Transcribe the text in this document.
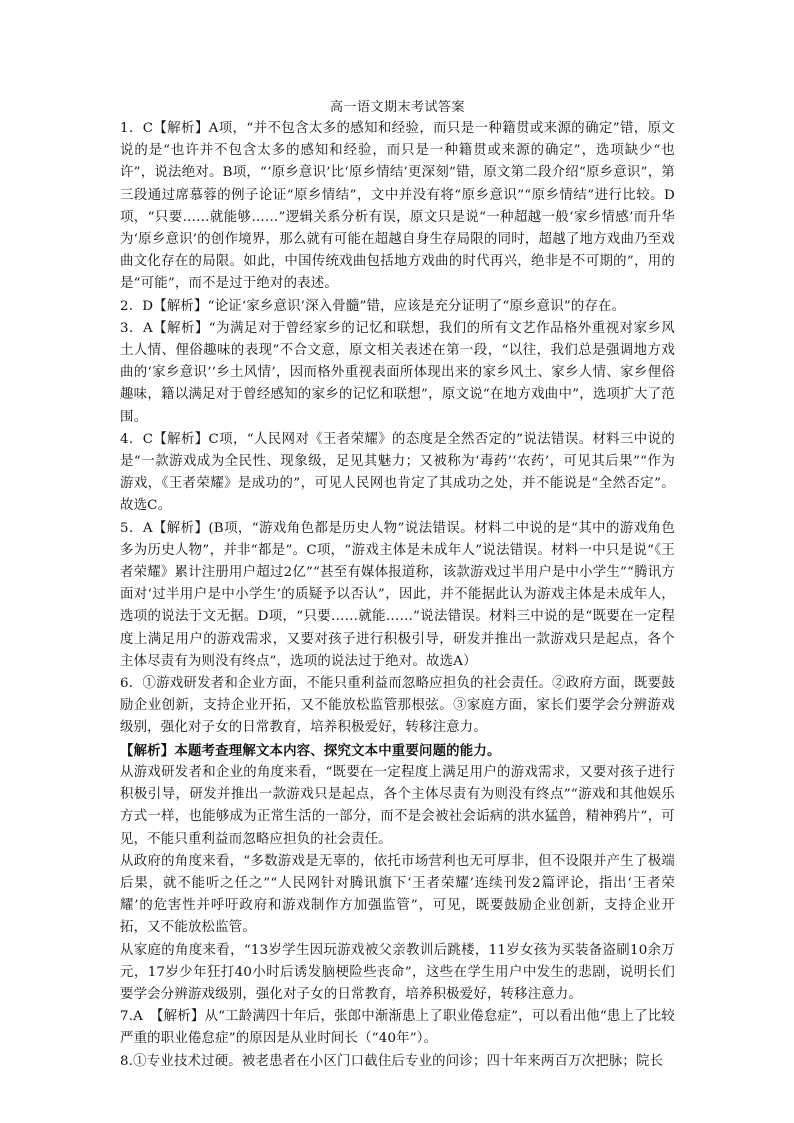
高一语文期末考试答案

1．C【解析】A项，“并不包含太多的感知和经验，而只是一种籍贯或来源的确定”错，原文说的是“也许并不包含太多的感知和经验，而只是一种籍贯或来源的确定”，选项缺少“也许”，说法绝对。B项，“‘原乡意识’比‘原乡情结’更深刻”错，原文第二段介绍“原乡意识”，第三段通过席慕蓉的例子论证“原乡情结”，文中并没有将“原乡意识”“原乡情结”进行比较。D项，“只要……就能够……”逻辑关系分析有误，原文只是说“一种超越一般‘家乡情感’而升华为‘原乡意识’的创作境界，那么就有可能在超越自身生存局限的同时，超越了地方戏曲乃至戏曲文化存在的局限。如此，中国传统戏曲包括地方戏曲的时代再兴，绝非是不可期的”，用的是“可能”，而不是过于绝对的表述。

2．D【解析】“论证‘家乡意识’深入骨髓”错，应该是充分证明了“原乡意识”的存在。

3．A【解析】“为满足对于曾经家乡的记忆和联想，我们的所有文艺作品格外重视对家乡风土人情、俚俗趣味的表现”不合文意，原文相关表述在第一段，“以往，我们总是强调地方戏曲的‘家乡意识’‘乡土风情’，因而格外重视表面所体现出来的家乡风土、家乡人情、家乡俚俗趣味，籍以满足对于曾经感知的家乡的记忆和联想”，原文说“在地方戏曲中”，选项扩大了范围。

4．C【解析】C项，“人民网对《王者荣耀》的态度是全然否定的”说法错误。材料三中说的是“一款游戏成为全民性、现象级，足见其魅力；又被称为‘毒药’‘农药’，可见其后果”“作为游戏，《王者荣耀》是成功的”，可见人民网也肯定了其成功之处，并不能说是“全然否定”。故选C。

5．A【解析】(B项，“游戏角色都是历史人物”说法错误。材料二中说的是“其中的游戏角色多为历史人物”，并非“都是”。C项，“游戏主体是未成年人”说法错误。材料一中只是说“《王者荣耀》累计注册用户超过2亿”“甚至有媒体报道称，该款游戏过半用户是中小学生”“腾讯方面对‘过半用户是中小学生’的质疑予以否认”，因此，并不能据此认为游戏主体是未成年人，选项的说法于文无据。D项，“只要……就能……”说法错误。材料三中说的是“既要在一定程度上满足用户的游戏需求，又要对孩子进行积极引导，研发并推出一款游戏只是起点，各个主体尽责有为则没有终点”，选项的说法过于绝对。故选A）

6．①游戏研发者和企业方面，不能只重利益而忽略应担负的社会责任。②政府方面，既要鼓励企业创新，支持企业开拓，又不能放松监管那根弦。③家庭方面，家长们要学会分辨游戏级别，强化对子女的日常教育，培养积极爱好，转移注意力。

【解析】本题考查理解文本内容、探究文本中重要问题的能力。

从游戏研发者和企业的角度来看，“既要在一定程度上满足用户的游戏需求，又要对孩子进行积极引导，研发并推出一款游戏只是起点，各个主体尽责有为则没有终点”“游戏和其他娱乐方式一样，也能够成为正常生活的一部分，而不是会被社会诟病的洪水猛兽，精神鸦片”，可见，不能只重利益而忽略应担负的社会责任。

从政府的角度来看，“多数游戏是无辜的，依托市场营利也无可厚非，但不设限并产生了极端后果，就不能听之任之”“人民网针对腾讯旗下‘王者荣耀’连续刊发2篇评论，指出‘王者荣耀’的危害性并呼吁政府和游戏制作方加强监管”，可见，既要鼓励企业创新，支持企业开拓，又不能放松监管。

从家庭的角度来看，“13岁学生因玩游戏被父亲教训后跳楼，11岁女孩为买装备盗刷10余万元，17岁少年狂打40小时后诱发脑梗险些丧命”，这些在学生用户中发生的悲剧，说明长们要学会分辨游戏级别，强化对子女的日常教育，培养积极爱好，转移注意力。

7.A　【解析】从“工龄满四十年后，张郎中渐渐患上了职业倦怠症”，可以看出他“患上了比较严重的职业倦怠症”的原因是从业时间长（“40年”）。

8.①专业技术过硬。被老患者在小区门口截住后专业的问诊；四十年来两百万次把脉；院长
